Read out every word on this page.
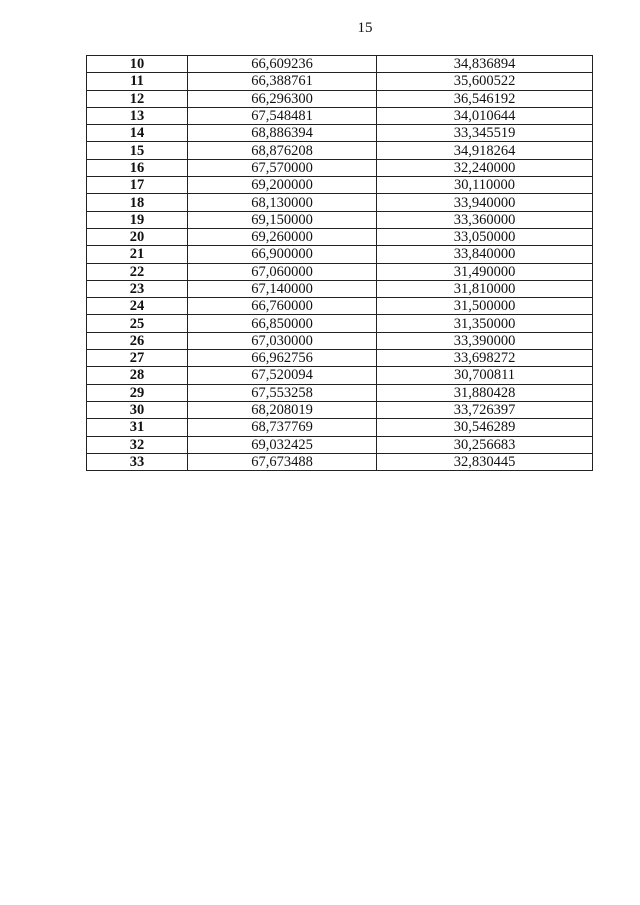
15
10	66,609236	34,836894
11	66,388761	35,600522
12	66,296300	36,546192
13	67,548481	34,010644
14	68,886394	33,345519
15	68,876208	34,918264
16	67,570000	32,240000
17	69,200000	30,110000
18	68,130000	33,940000
19	69,150000	33,360000
20	69,260000	33,050000
21	66,900000	33,840000
22	67,060000	31,490000
23	67,140000	31,810000
24	66,760000	31,500000
25	66,850000	31,350000
26	67,030000	33,390000
27	66,962756	33,698272
28	67,520094	30,700811
29	67,553258	31,880428
30	68,208019	33,726397
31	68,737769	30,546289
32	69,032425	30,256683
33	67,673488	32,830445
